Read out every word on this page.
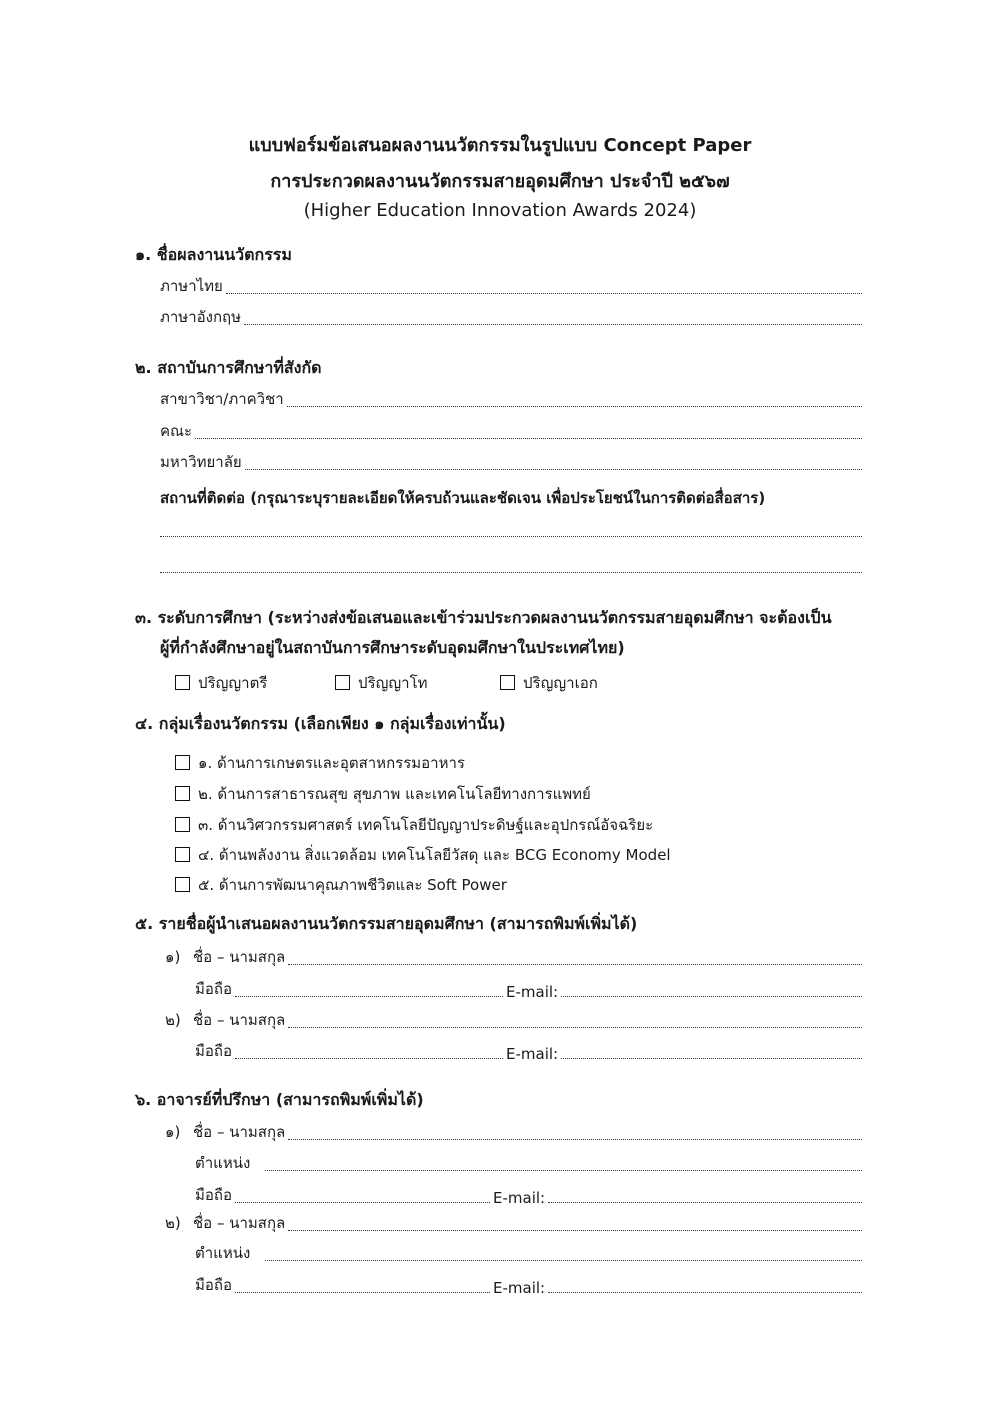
แบบฟอร์มข้อเสนอผลงานนวัตกรรมในรูปแบบ Concept Paper
การประกวดผลงานนวัตกรรมสายอุดมศึกษา ประจำปี ๒๕๖๗
(Higher Education Innovation Awards 2024)
๑. ชื่อผลงานนวัตกรรม
ภาษาไทย
ภาษาอังกฤษ
๒. สถาบันการศึกษาที่สังกัด
สาขาวิชา/ภาควิชา
คณะ
มหาวิทยาลัย
สถานที่ติดต่อ (กรุณาระบุรายละเอียดให้ครบถ้วนและชัดเจน เพื่อประโยชน์ในการติดต่อสื่อสาร)
๓. ระดับการศึกษา (ระหว่างส่งข้อเสนอและเข้าร่วมประกวดผลงานนวัตกรรมสายอุดมศึกษา จะต้องเป็น
ผู้ที่กำลังศึกษาอยู่ในสถาบันการศึกษาระดับอุดมศึกษาในประเทศไทย)
ปริญญาตรี	ปริญญาโท	ปริญญาเอก
๔. กลุ่มเรื่องนวัตกรรม (เลือกเพียง ๑ กลุ่มเรื่องเท่านั้น)
๑. ด้านการเกษตรและอุตสาหกรรมอาหาร
๒. ด้านการสาธารณสุข สุขภาพ และเทคโนโลยีทางการแพทย์
๓. ด้านวิศวกรรมศาสตร์ เทคโนโลยีปัญญาประดิษฐ์และอุปกรณ์อัจฉริยะ
๔. ด้านพลังงาน สิ่งแวดล้อม เทคโนโลยีวัสดุ และ BCG Economy Model
๕. ด้านการพัฒนาคุณภาพชีวิตและ Soft Power
๕. รายชื่อผู้นำเสนอผลงานนวัตกรรมสายอุดมศึกษา (สามารถพิมพ์เพิ่มได้)
๑) ชื่อ – นามสกุล
มือถือ	E-mail:
๒) ชื่อ – นามสกุล
มือถือ	E-mail:
๖. อาจารย์ที่ปรึกษา (สามารถพิมพ์เพิ่มได้)
๑) ชื่อ – นามสกุล
ตำแหน่ง
มือถือ	E-mail:
๒) ชื่อ – นามสกุล
ตำแหน่ง
มือถือ	E-mail:
